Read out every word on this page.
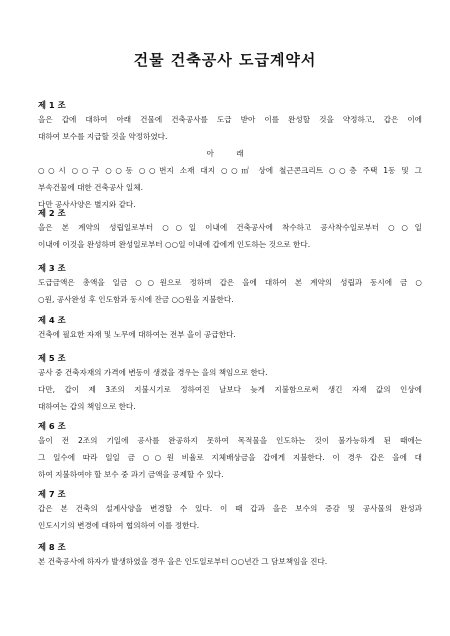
건물 건축공사 도급계약서
제 1 조
을은 갑에 대하여 아래 건물에 건축공사를 도급 받아 이를 완성할 것을 약정하고, 갑은 이에
대하여 보수를 지급할 것을 약정하였다.
아 래
○○시 ○○구 ○○동 ○○번지 소재 대지 ○○㎡ 상에 철근콘크리트 ○○층 주택 1동 및 그
부속건물에 대한 건축공사 일체.
다만 공사사양은 별지와 같다.
제 2 조
을은 본 계약의 성립일로부터 ○○일 이내에 건축공사에 착수하고 공사착수일로부터 ○○일
이내에 이것을 완성하며 완성일로부터 ○○일 이내에 갑에게 인도하는 것으로 한다.
제 3 조
도급금액은 총액을 일금 ○○원으로 정하며 갑은 을에 대하여 본 계약의 성립과 동시에 금 ○
○원, 공사완성 후 인도함과 동시에 잔금 ○○원을 지불한다.
제 4 조
건축에 필요한 자재 및 노무에 대하여는 전부 을이 공급한다.
제 5 조
공사 중 건축자재의 가격에 변동이 생겼을 경우는 을의 책임으로 한다.
다만, 갑이 제 3조의 지불시기로 정하여진 날보다 늦게 지불함으로써 생긴 자재 값의 인상에
대하여는 갑의 책임으로 한다.
제 6 조
을이 전 2조의 기일에 공사를 완공하지 못하여 목적물을 인도하는 것이 불가능하게 된 때에는
그 일수에 따라 일일 금 ○○원 비율로 지체배상금을 갑에게 지불한다. 이 경우 갑은 을에 대
하여 지불하여야 할 보수 중 과기 금액을 공제할 수 있다.
제 7 조
갑은 본 건축의 설계사양을 변경할 수 있다. 이 때 갑과 을은 보수의 증감 및 공사물의 완성과
인도시기의 변경에 대하여 협의하여 이를 정한다.
제 8 조
본 건축공사에 하자가 발생하였을 경우 을은 인도일로부터 ○○년간 그 담보책임을 진다.
